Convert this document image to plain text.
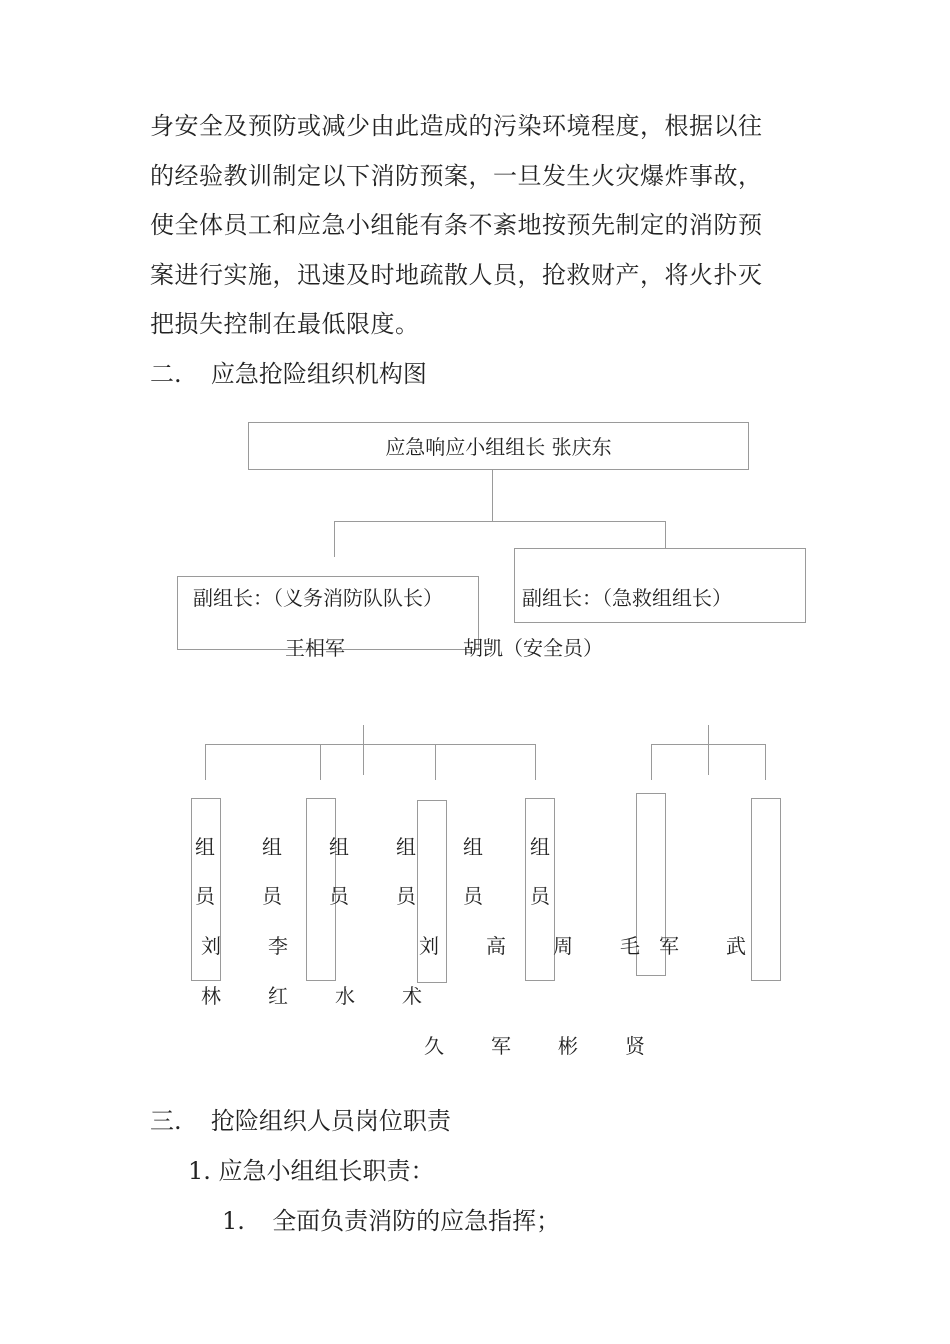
身安全及预防或减少由此造成的污染环境程度，根据以往
的经验教训制定以下消防预案，一旦发生火灾爆炸事故，
使全体员工和应急小组能有条不紊地按预先制定的消防预
案进行实施，迅速及时地疏散人员，抢救财产，将火扑灭
把损失控制在最低限度。
二. 应急抢险组织机构图
应急响应小组组长 张庆东
副组长：（义务消防队队长）	副组长：（急救组组长）
王相军	胡凯（安全员）
组 组 组 组 组 组
员 员 员 员 员 员
刘 李	刘 高 周 毛 军 武
林 红 水 术
久 军 彬 贤
三. 抢险组织人员岗位职责
1. 应急小组组长职责：
1. 全面负责消防的应急指挥；
